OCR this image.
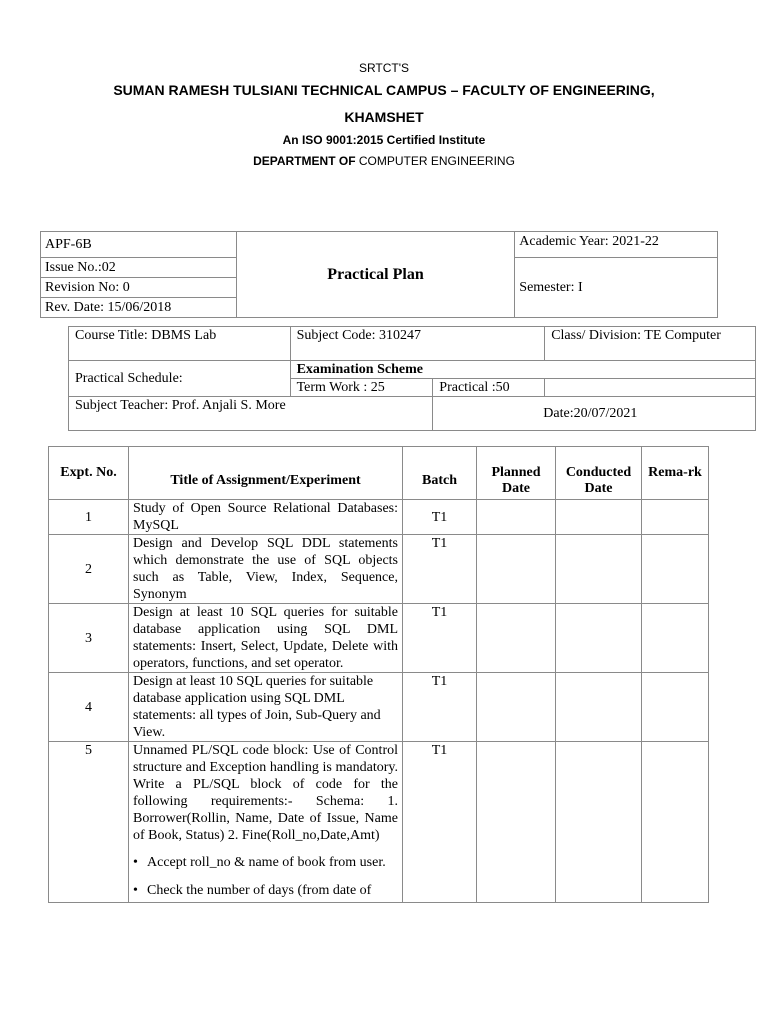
SRTCT'S
SUMAN RAMESH TULSIANI TECHNICAL CAMPUS – FACULTY OF ENGINEERING,
KHAMSHET
An ISO 9001:2015 Certified Institute
DEPARTMENT OF COMPUTER ENGINEERING
APF-6B	Practical Plan	Academic Year: 2021-22
Issue No.:02		Semester: I
Revision No: 0		
Rev. Date: 15/06/2018		
Course Title: DBMS Lab	Subject Code: 310247		Class/ Division: TE Computer
Practical Schedule:	Examination Scheme		
	Term Work : 25	Practical :50	
Subject Teacher: Prof. Anjali S. More		Date:20/07/2021	
Expt. No.	Title of Assignment/Experiment	Batch	Planned Date	Conducted Date	Rema-rk
1	Study of Open Source Relational Databases: MySQL	T1			
2	Design and Develop SQL DDL statements which demonstrate the use of SQL objects such as Table, View, Index, Sequence, Synonym	T1			
3	Design at least 10 SQL queries for suitable database application using SQL DML statements: Insert, Select, Update, Delete with operators, functions, and set operator.	T1			
4	Design at least 10 SQL queries for suitable database application using SQL DML statements: all types of Join, Sub-Query and View.	T1			
5	Unnamed PL/SQL code block: Use of Control structure and Exception handling is mandatory. Write a PL/SQL block of code for the following requirements:- Schema: 1. Borrower(Rollin, Name, Date of Issue, Name of Book, Status) 2. Fine(Roll_no,Date,Amt)
• Accept roll_no & name of book from user.
• Check the number of days (from date of	T1			
